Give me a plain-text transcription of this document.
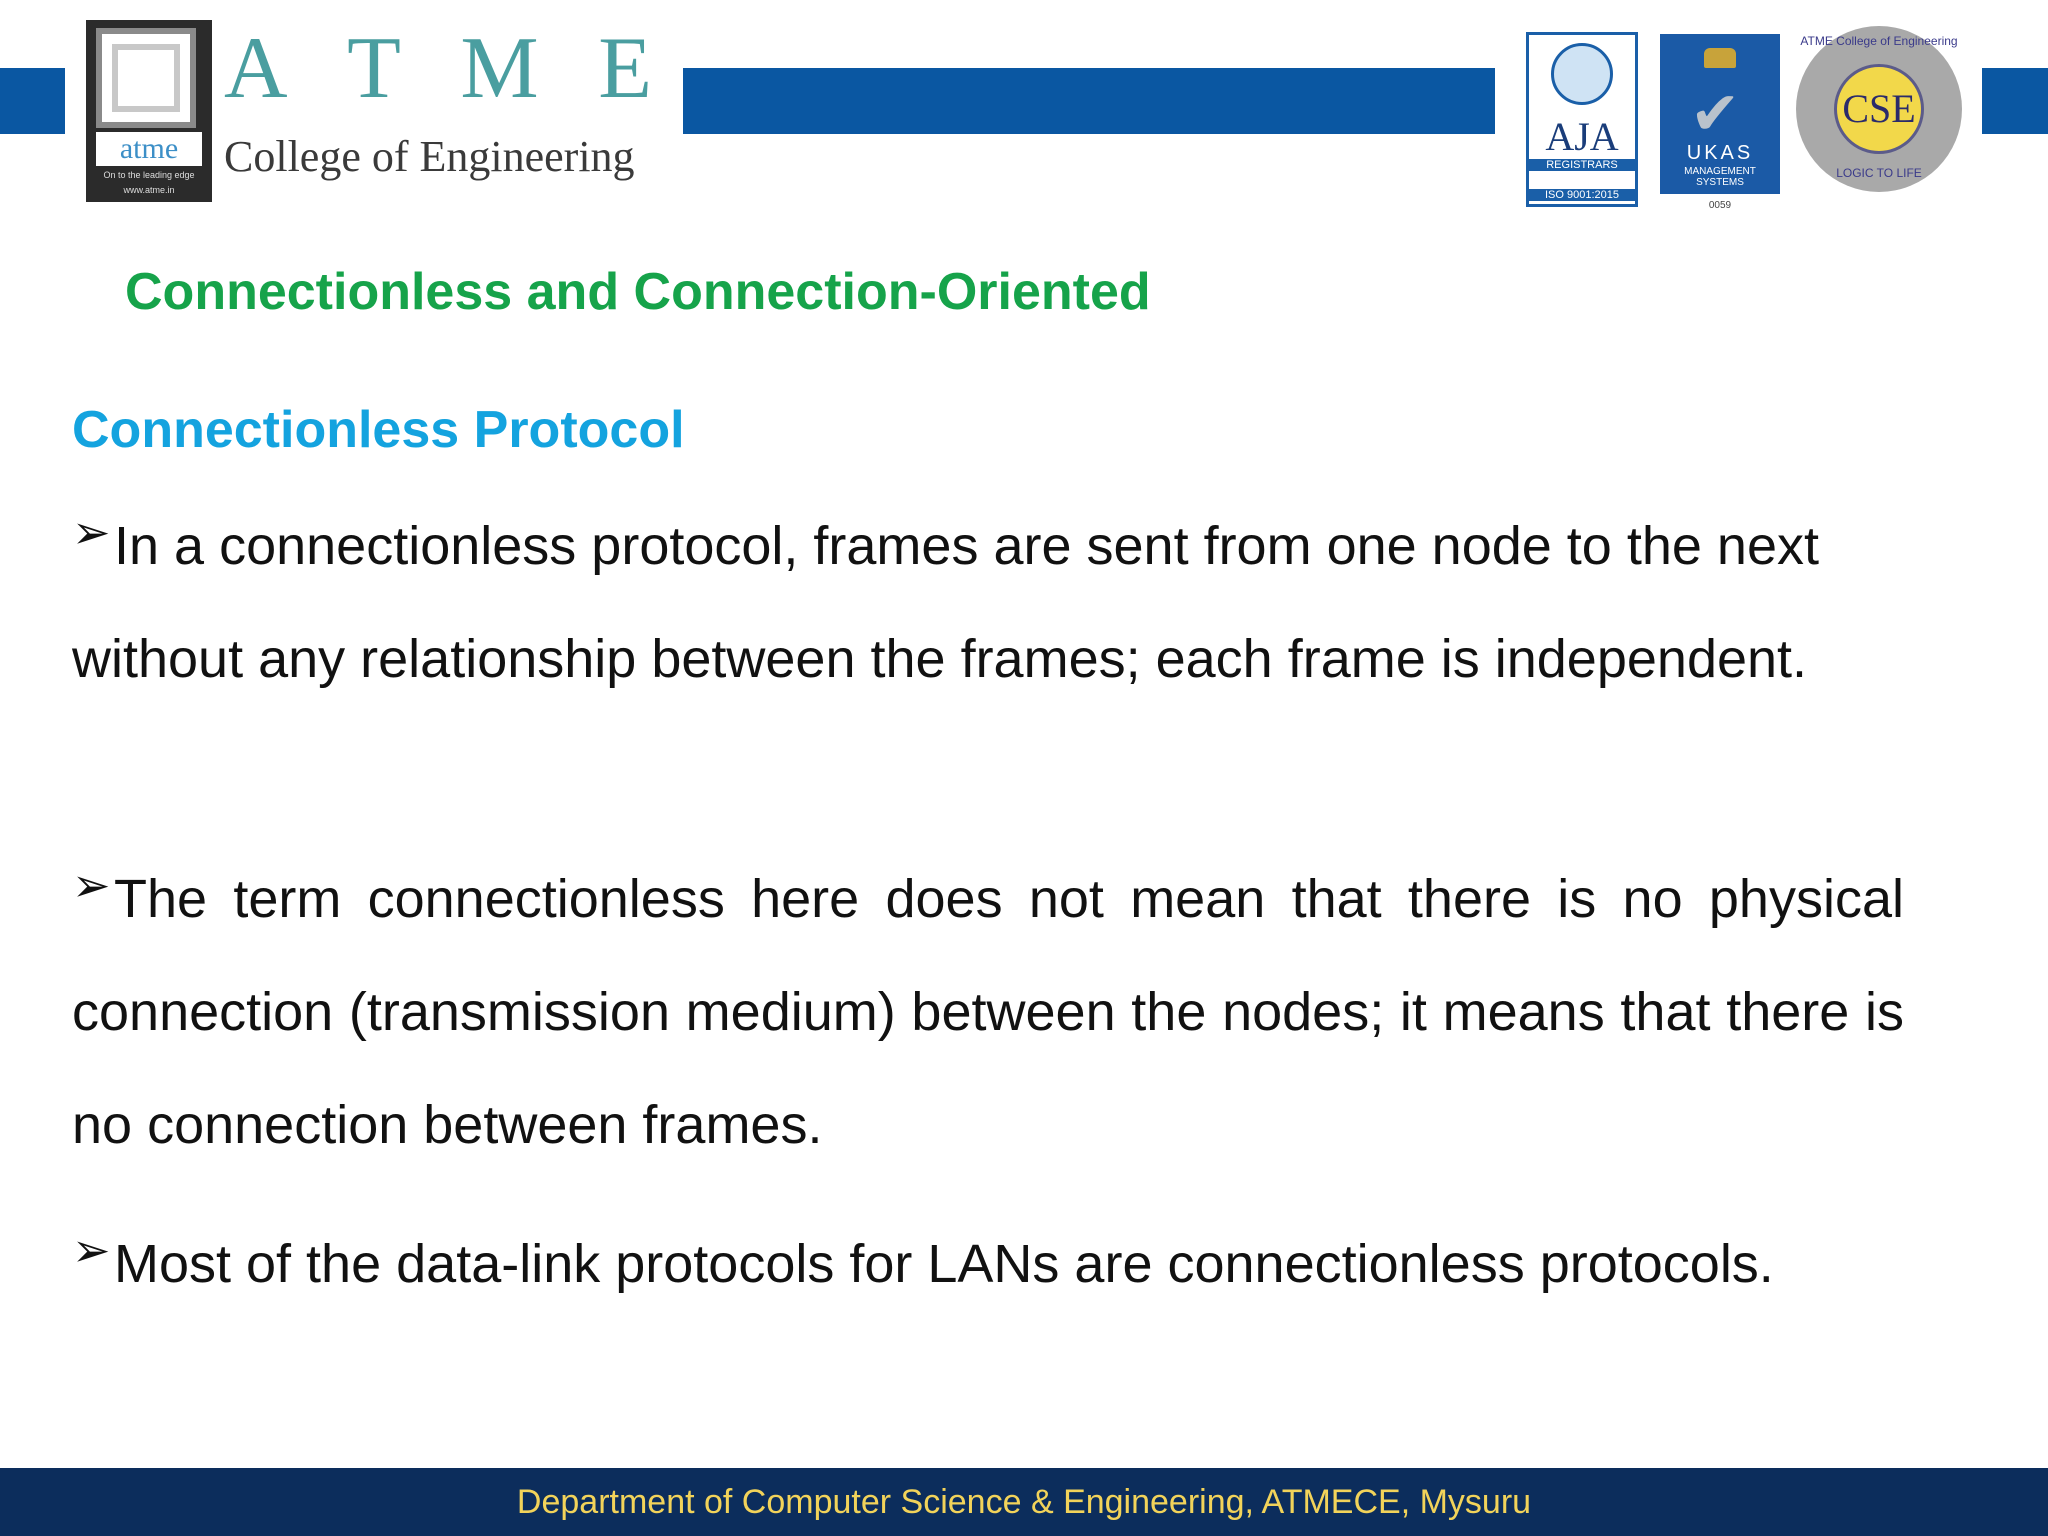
atme
On to the leading edge
www.atme.in
A T M E
College of Engineering	AJA
REGISTRARS
ISO 9001:2015
✔
UKAS
MANAGEMENT SYSTEMS
0059
ATME College of Engineering
CSE
LOGIC TO LIFE
Connectionless and Connection-Oriented
Connectionless Protocol

➢In a connectionless protocol, frames are sent from one node to the next without any relationship between the frames; each frame is independent.

➢The term connectionless here does not mean that there is no physical connection (transmission medium) between the nodes; it means that there is no connection between frames.

➢Most of the data-link protocols for LANs are connectionless protocols.

Department of Computer Science & Engineering, ATMECE, Mysuru
